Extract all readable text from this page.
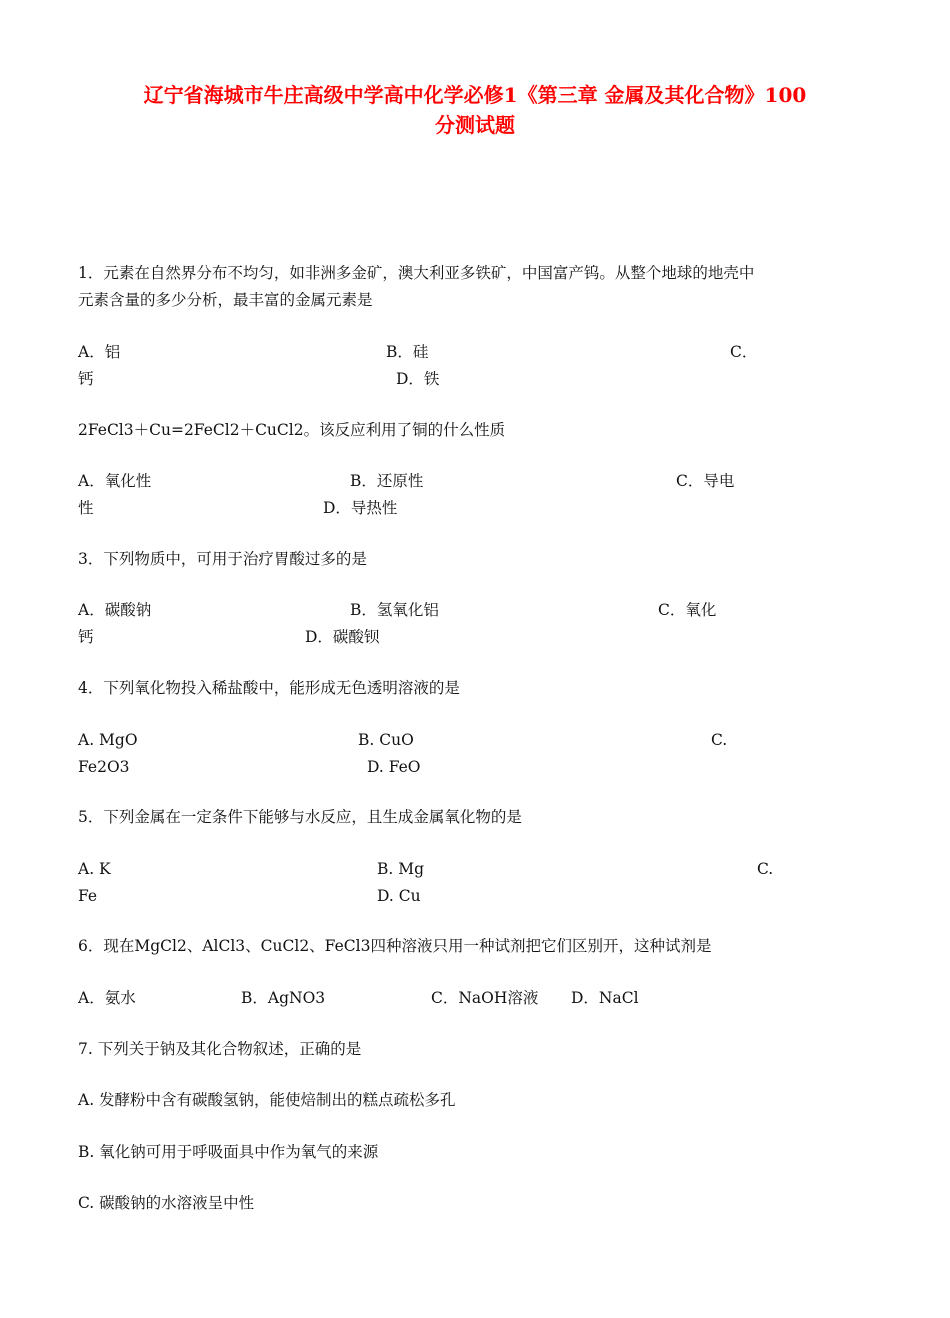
辽宁省海城市牛庄高级中学高中化学必修1《第三章 金属及其化合物》100
分测试题
1．元素在自然界分布不均匀，如非洲多金矿，澳大利亚多铁矿，中国富产钨。从整个地球的地壳中
元素含量的多少分析，最丰富的金属元素是
A．铝	B．硅	C．
钙	D．铁
2FeCl3＋Cu=2FeCl2＋CuCl2。该反应利用了铜的什么性质
A．氧化性	B．还原性	C．导电
性	D．导热性
3．下列物质中，可用于治疗胃酸过多的是
A．碳酸钠	B．氢氧化铝	C．氧化
钙	D．碳酸钡
4．下列氧化物投入稀盐酸中，能形成无色透明溶液的是
A. MgO	B. CuO	C.
Fe2O3	D. FeO
5．下列金属在一定条件下能够与水反应，且生成金属氧化物的是
A. K	B. Mg	C.
Fe	D. Cu
6．现在MgCl2、AlCl3、CuCl2、FeCl3四种溶液只用一种试剂把它们区别开，这种试剂是
A．氨水	B．AgNO3	C．NaOH溶液 D．NaCl
7. 下列关于钠及其化合物叙述，正确的是
A. 发酵粉中含有碳酸氢钠，能使焙制出的糕点疏松多孔
B. 氧化钠可用于呼吸面具中作为氧气的来源
C. 碳酸钠的水溶液呈中性
